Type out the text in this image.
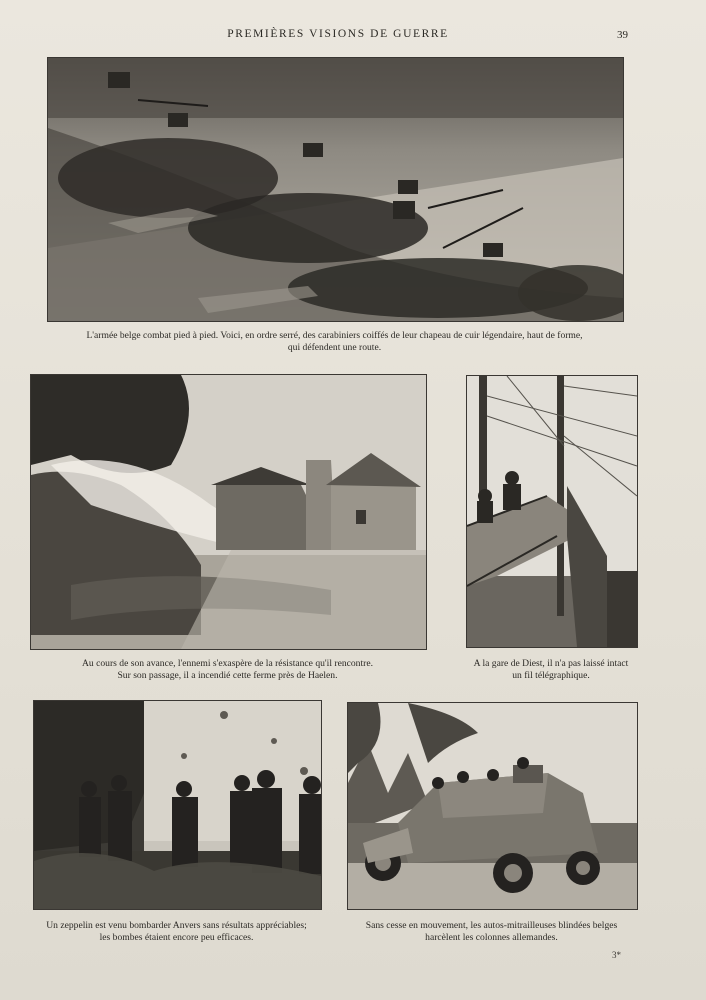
PREMIÈRES VISIONS DE GUERRE	39
L'armée belge combat pied à pied. Voici, en ordre serré, des carabiniers coiffés de leur chapeau de cuir légendaire, haut de forme,
qui défendent une route.
Au cours de son avance, l'ennemi s'exaspère de la résistance qu'il rencontre.
Sur son passage, il a incendié cette ferme près de Haelen.
A la gare de Diest, il n'a pas laissé intact
un fil télégraphique.
Un zeppelin est venu bombarder Anvers sans résultats appréciables;
les bombes étaient encore peu efficaces.
Sans cesse en mouvement, les autos-mitrailleuses blindées belges
harcèlent les colonnes allemandes.
3*
